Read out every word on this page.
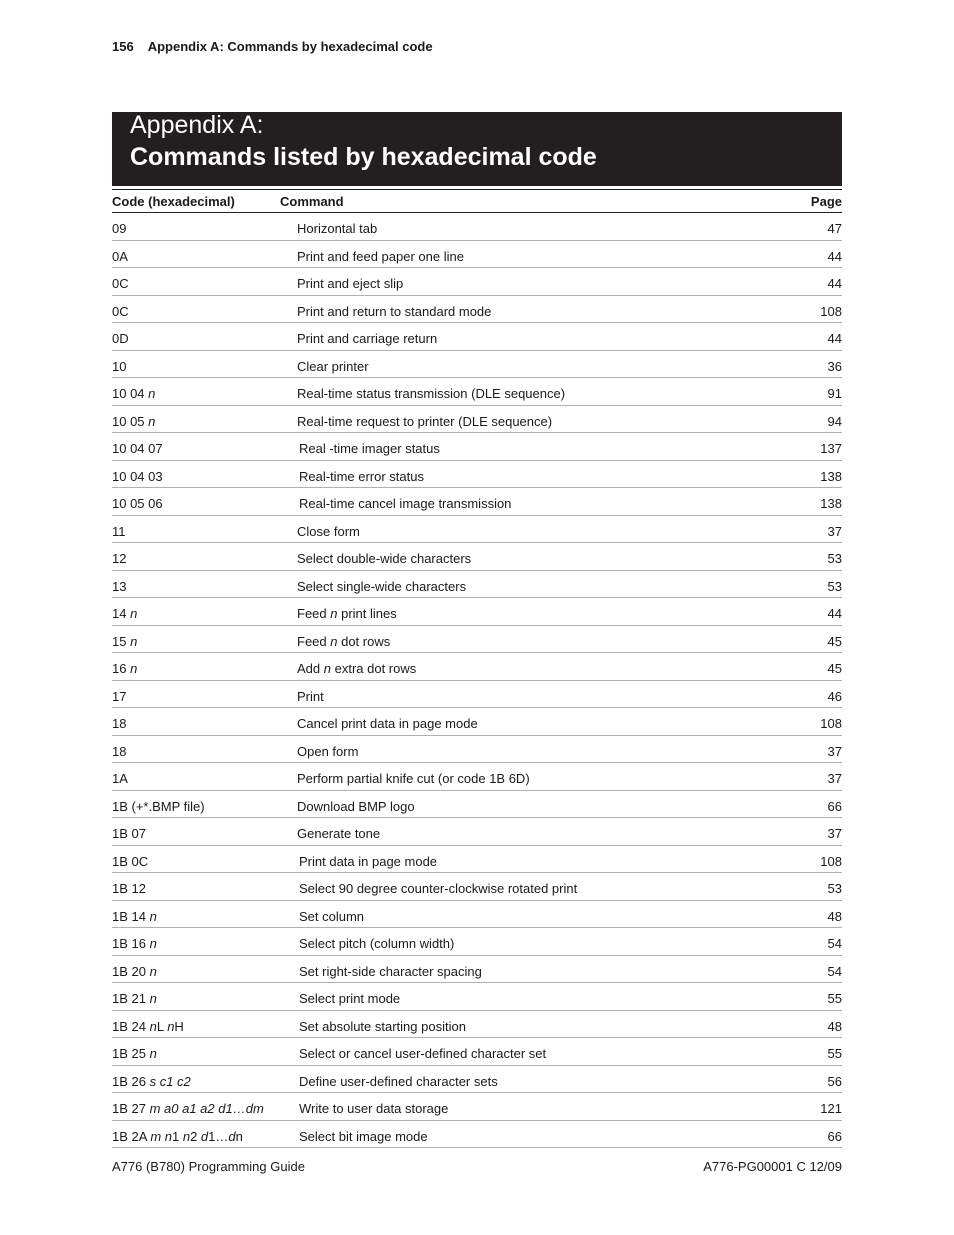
156 Appendix A: Commands by hexadecimal code
Appendix A:
Commands listed by hexadecimal code
Code (hexadecimal)	Command	Page
09	Horizontal tab	47
0A	Print and feed paper one line	44
0C	Print and eject slip	44
0C	Print and return to standard mode	108
0D	Print and carriage return	44
10	Clear printer	36
10 04 n	Real-time status transmission (DLE sequence)	91
10 05 n	Real-time request to printer (DLE sequence)	94
10 04 07	Real -time imager status	137
10 04 03	Real-time error status	138
10 05 06	Real-time cancel image transmission	138
11	Close form	37
12	Select double-wide characters	53
13	Select single-wide characters	53
14 n	Feed n print lines	44
15 n	Feed n dot rows	45
16 n	Add n extra dot rows	45
17	Print	46
18	Cancel print data in page mode	108
18	Open form	37
1A	Perform partial knife cut (or code 1B 6D)	37
1B (+*.BMP file)	Download BMP logo	66
1B 07	Generate tone	37
1B 0C	Print data in page mode	108
1B 12	Select 90 degree counter-clockwise rotated print	53
1B 14 n	Set column	48
1B 16 n	Select pitch (column width)	54
1B 20 n	Set right-side character spacing	54
1B 21 n	Select print mode	55
1B 24 nL nH	Set absolute starting position	48
1B 25 n	Select or cancel user-defined character set	55
1B 26 s c1 c2	Define user-defined character sets	56
1B 27 m a0 a1 a2 d1…dm	Write to user data storage	121
1B 2A m n1 n2 d1…dn	Select bit image mode	66
A776 (B780) Programming Guide	A776-PG00001 C 12/09
